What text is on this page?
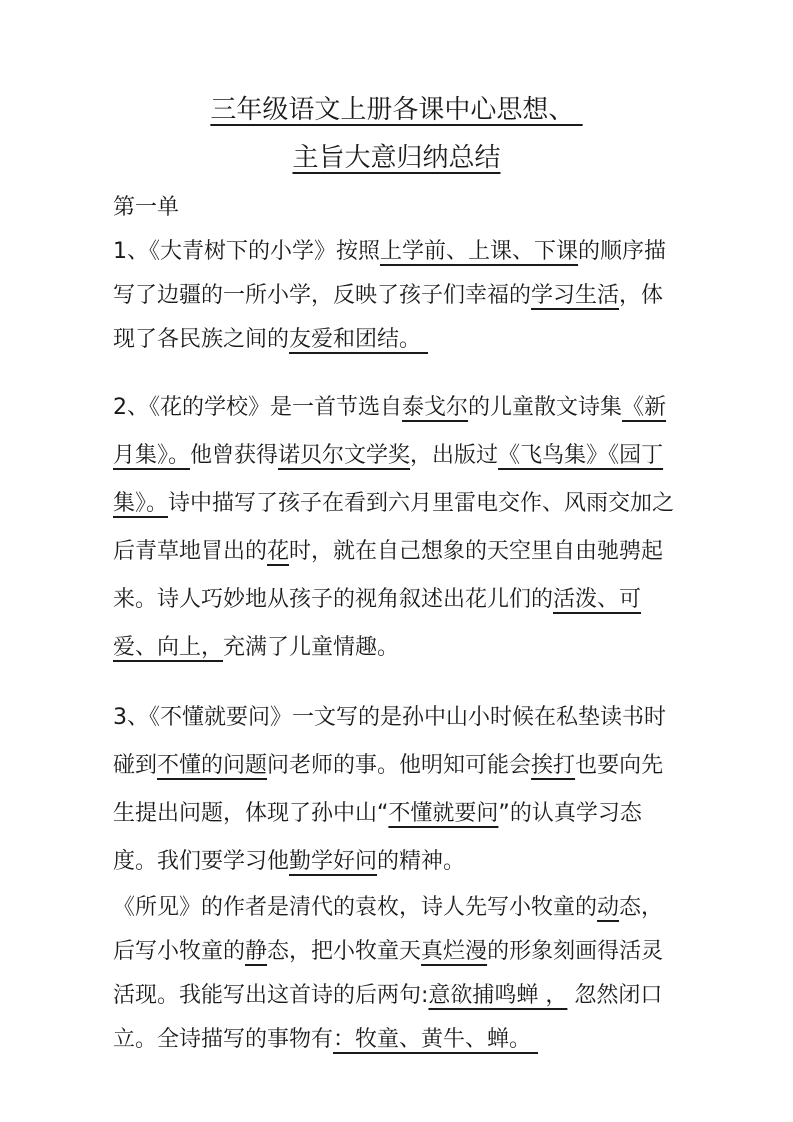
三年级语文上册各课中心思想、
主旨大意归纳总结
第一单
1、《大青树下的小学》按照上学前、上课、下课的顺序描写了边疆的一所小学，反映了孩子们幸福的学习生活，体现了各民族之间的友爱和团结。
2、《花的学校》是一首节选自泰戈尔的儿童散文诗集《新月集》。他曾获得诺贝尔文学奖，出版过《飞鸟集》《园丁集》。诗中描写了孩子在看到六月里雷电交作、风雨交加之后青草地冒出的花时，就在自己想象的天空里自由驰骋起来。诗人巧妙地从孩子的视角叙述出花儿们的活泼、可爱、向上，充满了儿童情趣。
3、《不懂就要问》一文写的是孙中山小时候在私垫读书时碰到不懂的问题问老师的事。他明知可能会挨打也要向先生提出问题，体现了孙中山“不懂就要问”的认真学习态度。我们要学习他勤学好问的精神。
《所见》的作者是清代的袁枚，诗人先写小牧童的动态，后写小牧童的静态，把小牧童天真烂漫的形象刻画得活灵活现。我能写出这首诗的后两句:意欲捕鸣蝉 ， 忽然闭口立。全诗描写的事物有：牧童、黄牛、蝉。
